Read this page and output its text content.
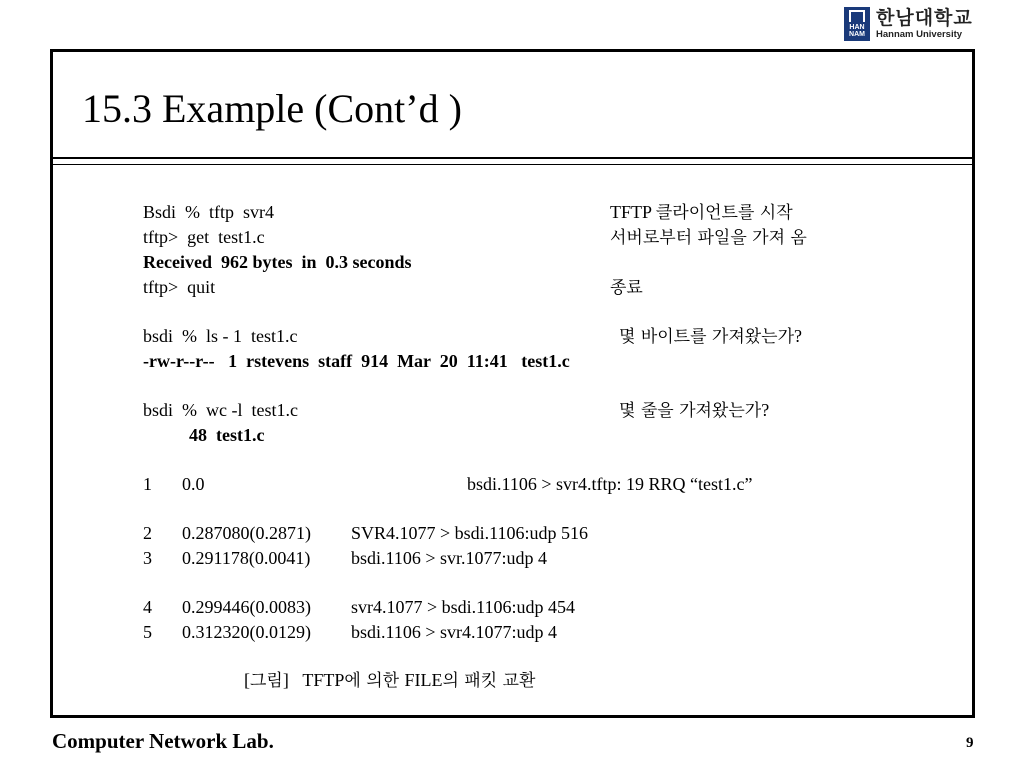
HAN NAM
한남대학교
Hannam University
15.3 Example (Cont’d )
Bsdi  %  tftp  svr4	TFTP 클라이언트를 시작
tftp>  get  test1.c	서버로부터 파일을 가져 옴
Received  962 bytes  in  0.3 seconds
tftp>  quit	종료
bsdi  %  ls - 1  test1.c	몇 바이트를 가져왔는가?
-rw-r--r--   1  rstevens  staff  914  Mar  20  11:41   test1.c
bsdi  %  wc -l  test1.c	몇 줄을 가져왔는가?
48  test1.c
1 0.0	bsdi.1106 > svr4.tftp: 19 RRQ “test1.c”
2 0.287080(0.2871) SVR4.1077 > bsdi.1106:udp 516
3 0.291178(0.0041) bsdi.1106 > svr.1077:udp 4
4 0.299446(0.0083) svr4.1077 > bsdi.1106:udp 454
5 0.312320(0.0129) bsdi.1106 > svr4.1077:udp 4
[그림]   TFTP에 의한 FILE의 패킷 교환
Computer Network Lab.	9
